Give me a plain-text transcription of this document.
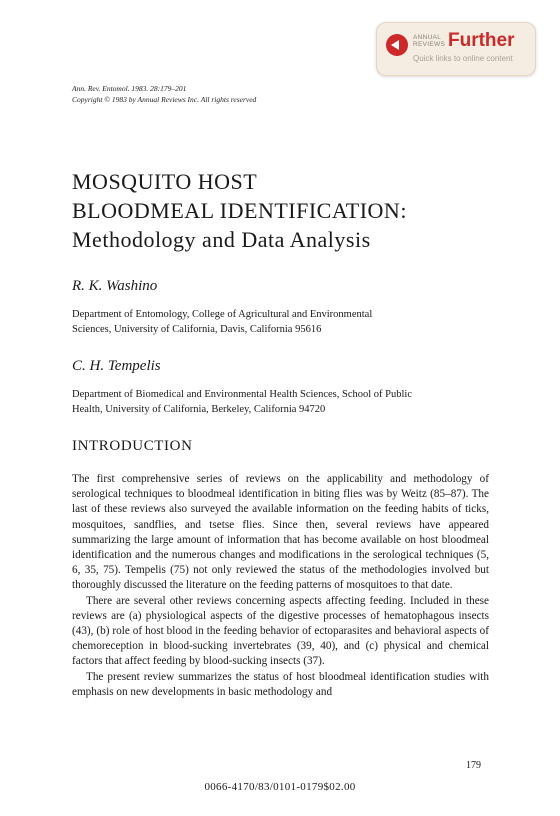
ANNUAL
REVIEWS Further
Quick links to online content
Ann. Rev. Entomol. 1983. 28:179–201
Copyright © 1983 by Annual Reviews Inc. All rights reserved
MOSQUITO HOST
BLOODMEAL IDENTIFICATION:
Methodology and Data Analysis
R. K. Washino
Department of Entomology, College of Agricultural and Environmental
Sciences, University of California, Davis, California 95616
C. H. Tempelis
Department of Biomedical and Environmental Health Sciences, School of Public
Health, University of California, Berkeley, California 94720
INTRODUCTION

The first comprehensive series of reviews on the applicability and methodology of serological techniques to bloodmeal identification in biting flies was by Weitz (85–87). The last of these reviews also surveyed the available information on the feeding habits of ticks, mosquitoes, sandflies, and tsetse flies. Since then, several reviews have appeared summarizing the large amount of information that has become available on host bloodmeal identification and the numerous changes and modifications in the serological techniques (5, 6, 35, 75). Tempelis (75) not only reviewed the status of the methodologies involved but thoroughly discussed the literature on the feeding patterns of mosquitoes to that date.

There are several other reviews concerning aspects affecting feeding. Included in these reviews are (a) physiological aspects of the digestive processes of hematophagous insects (43), (b) role of host blood in the feeding behavior of ectoparasites and behavioral aspects of chemoreception in blood-sucking invertebrates (39, 40), and (c) physical and chemical factors that affect feeding by blood-sucking insects (37).

The present review summarizes the status of host bloodmeal identification studies with emphasis on new developments in basic methodology and

179
0066-4170/83/0101-0179$02.00
